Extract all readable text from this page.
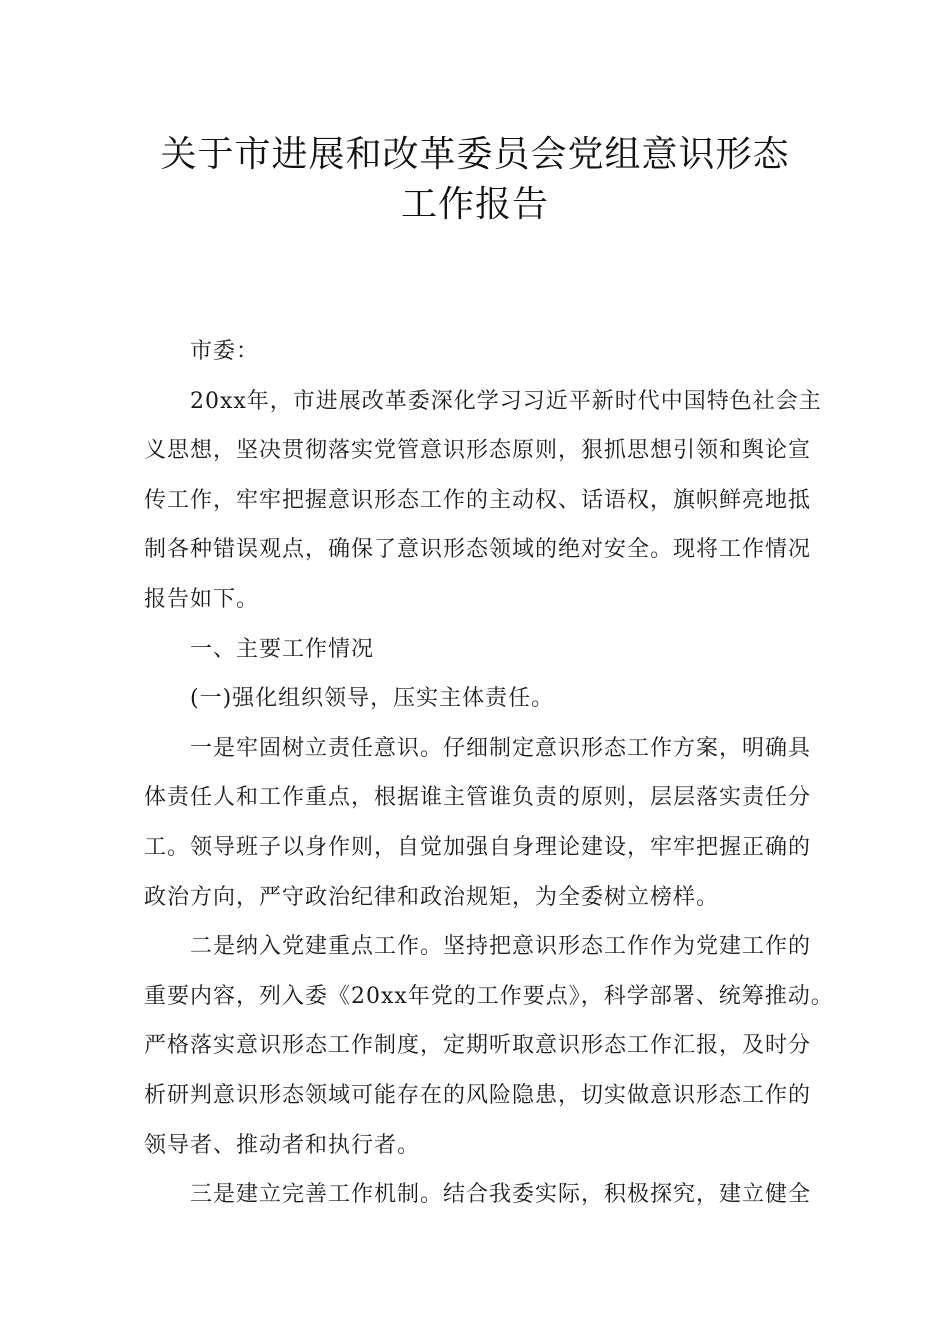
关于市进展和改革委员会党组意识形态
工作报告
市委：
20xx年，市进展改革委深化学习习近平新时代中国特色社会主
义思想，坚决贯彻落实党管意识形态原则，狠抓思想引领和舆论宣
传工作，牢牢把握意识形态工作的主动权、话语权，旗帜鲜亮地抵
制各种错误观点，确保了意识形态领域的绝对安全。现将工作情况
报告如下。
一、主要工作情况
(一)强化组织领导，压实主体责任。
一是牢固树立责任意识。仔细制定意识形态工作方案，明确具
体责任人和工作重点，根据谁主管谁负责的原则，层层落实责任分
工。领导班子以身作则，自觉加强自身理论建设，牢牢把握正确的
政治方向，严守政治纪律和政治规矩，为全委树立榜样。
二是纳入党建重点工作。坚持把意识形态工作作为党建工作的
重要内容，列入委《20xx年党的工作要点》，科学部署、统筹推动。
严格落实意识形态工作制度，定期听取意识形态工作汇报，及时分
析研判意识形态领域可能存在的风险隐患，切实做意识形态工作的
领导者、推动者和执行者。
三是建立完善工作机制。结合我委实际，积极探究，建立健全
